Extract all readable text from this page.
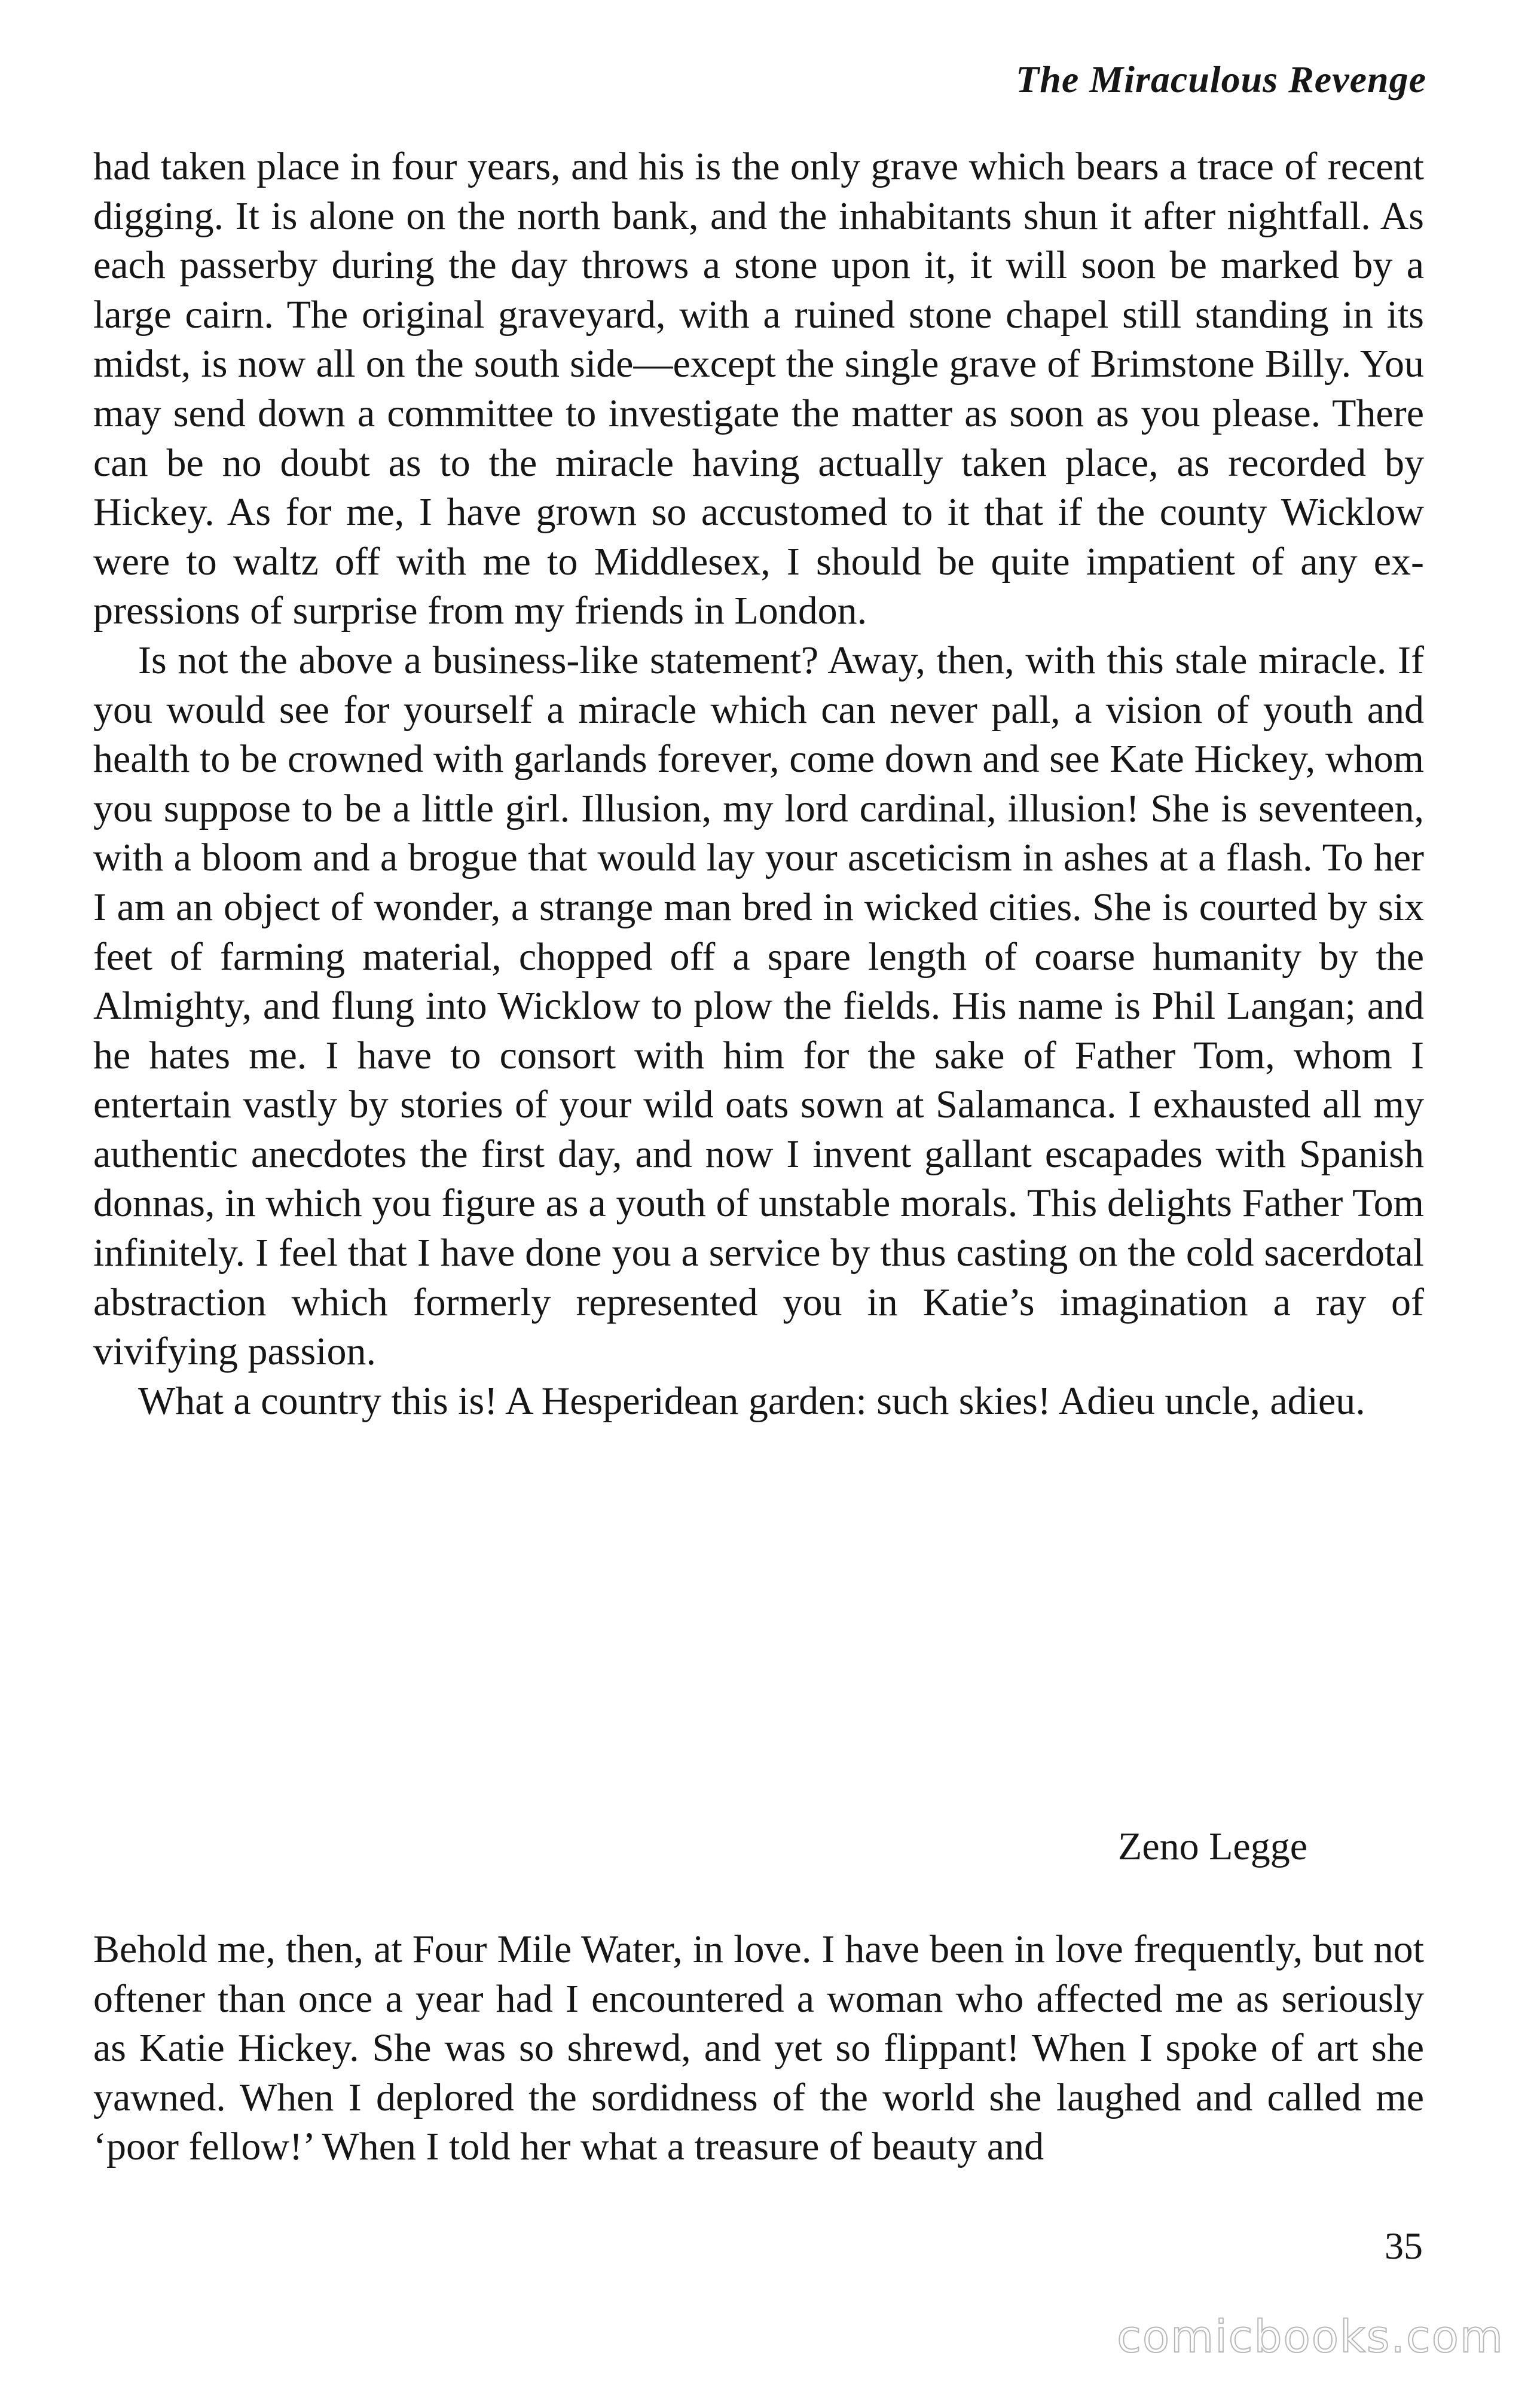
The Miraculous Revenge

had taken place in four years, and his is the only grave which bears a trace of recent digging. It is alone on the north bank, and the inhabitants shun it after nightfall. As each passerby during the day throws a stone upon it, it will soon be marked by a large cairn. The original graveyard, with a ruined stone chapel still standing in its midst, is now all on the south side—except the single grave of Brimstone Billy. You may send down a committee to investigate the matter as soon as you please. There can be no doubt as to the miracle having actually taken place, as recorded by Hickey. As for me, I have grown so accustomed to it that if the county Wicklow were to waltz off with me to Middlesex, I should be quite impatient of any expressions of surprise from my friends in London.

Is not the above a business-like statement? Away, then, with this stale miracle. If you would see for yourself a miracle which can never pall, a vision of youth and health to be crowned with garlands forever, come down and see Kate Hickey, whom you suppose to be a little girl. Illusion, my lord cardinal, illusion! She is seventeen, with a bloom and a brogue that would lay your asceticism in ashes at a flash. To her I am an object of wonder, a strange man bred in wicked cities. She is courted by six feet of farming material, chopped off a spare length of coarse humanity by the Almighty, and flung into Wicklow to plow the fields. His name is Phil Langan; and he hates me. I have to consort with him for the sake of Father Tom, whom I entertain vastly by stories of your wild oats sown at Salamanca. I exhausted all my authentic anecdotes the first day, and now I invent gallant escapades with Spanish donnas, in which you figure as a youth of unstable morals. This delights Father Tom infinitely. I feel that I have done you a service by thus casting on the cold sacerdotal abstraction which formerly represented you in Katie’s imagination a ray of vivifying passion.

What a country this is! A Hesperidean garden: such skies! Adieu uncle, adieu.

Zeno Legge

Behold me, then, at Four Mile Water, in love. I have been in love frequently, but not oftener than once a year had I encountered a woman who affected me as seriously as Katie Hickey. She was so shrewd, and yet so flippant! When I spoke of art she yawned. When I deplored the sordidness of the world she laughed and called me ‘poor fellow!’ When I told her what a treasure of beauty and

35
comicbooks.com
